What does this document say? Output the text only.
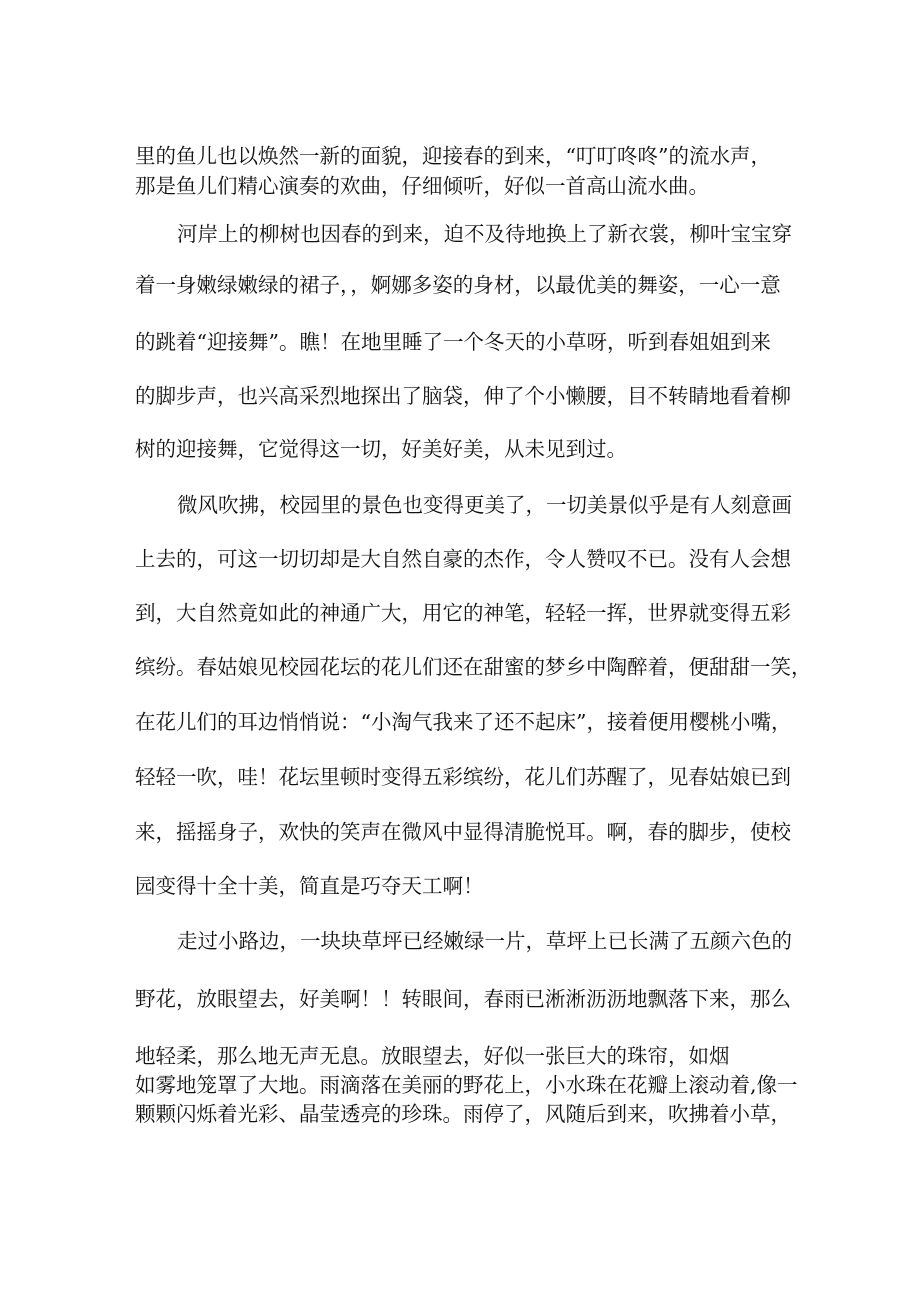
里的鱼儿也以焕然一新的面貌，迎接春的到来，“叮叮咚咚”的流水声，
那是鱼儿们精心演奏的欢曲，仔细倾听，好似一首高山流水曲。
河岸上的柳树也因春的到来，迫不及待地换上了新衣裳，柳叶宝宝穿
着一身嫩绿嫩绿的裙子，，婀娜多姿的身材，以最优美的舞姿，一心一意
的跳着“迎接舞”。瞧！在地里睡了一个冬天的小草呀，听到春姐姐到来
的脚步声，也兴高采烈地探出了脑袋，伸了个小懒腰，目不转睛地看着柳
树的迎接舞，它觉得这一切，好美好美，从未见到过。
微风吹拂，校园里的景色也变得更美了，一切美景似乎是有人刻意画
上去的，可这一切切却是大自然自豪的杰作，令人赞叹不已。没有人会想
到，大自然竟如此的神通广大，用它的神笔，轻轻一挥，世界就变得五彩
缤纷。春姑娘见校园花坛的花儿们还在甜蜜的梦乡中陶醉着，便甜甜一笑，
在花儿们的耳边悄悄说：“小淘气我来了还不起床”，接着便用樱桃小嘴，
轻轻一吹，哇！花坛里顿时变得五彩缤纷，花儿们苏醒了，见春姑娘已到
来，摇摇身子，欢快的笑声在微风中显得清脆悦耳。啊，春的脚步，使校
园变得十全十美，简直是巧夺天工啊！
走过小路边，一块块草坪已经嫩绿一片，草坪上已长满了五颜六色的
野花，放眼望去，好美啊！！转眼间，春雨已淅淅沥沥地飘落下来，那么
地轻柔，那么地无声无息。放眼望去，好似一张巨大的珠帘，如烟
如雾地笼罩了大地。雨滴落在美丽的野花上，小水珠在花瓣上滚动着,像一
颗颗闪烁着光彩、晶莹透亮的珍珠。雨停了，风随后到来，吹拂着小草，
